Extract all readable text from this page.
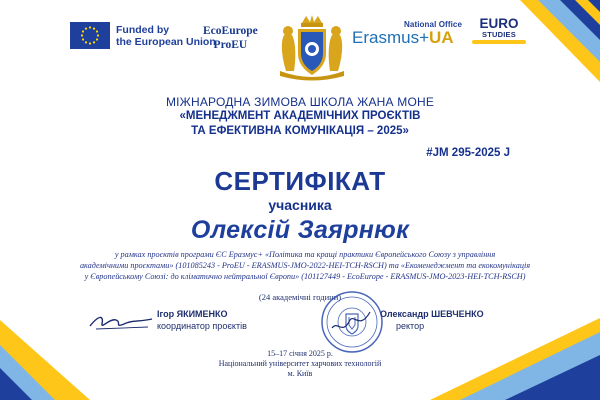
Funded by
the European Union
EcoEurope
ProEU
National Office
Erasmus+UA
EURO
STUDIES
МІЖНАРОДНА ЗИМОВА ШКОЛА ЖАНА МОНЕ
«МЕНЕДЖМЕНТ АКАДЕМІЧНИХ ПРОЄКТІВ
ТА ЕФЕКТИВНА КОМУНІКАЦІЯ – 2025»
#JM 295-2025 J
СЕРТИФІКАТ
учасника
Олексій Заярнюк
у рамках проєктів програми ЄС Еразмус+ «Політика та кращі практики Європейського Союзу з управління
академічними проєктами» (101085243 - ProEU - ERASMUS-JMO-2022-HEI-TCH-RSCH) та «Екоменеджмент та екокомунікація
у Європейському Союзі: до кліматично нейтральної Європи» (101127449 - EcoEurope - ERASMUS-JMO-2023-HEI-TCH-RSCH)
(24 академічні години)
Ігор ЯКИМЕНКО
координатор проєктів
Олександр ШЕВЧЕНКО
ректор
15–17 січня 2025 р.
Національний університет харчових технологій
м. Київ
